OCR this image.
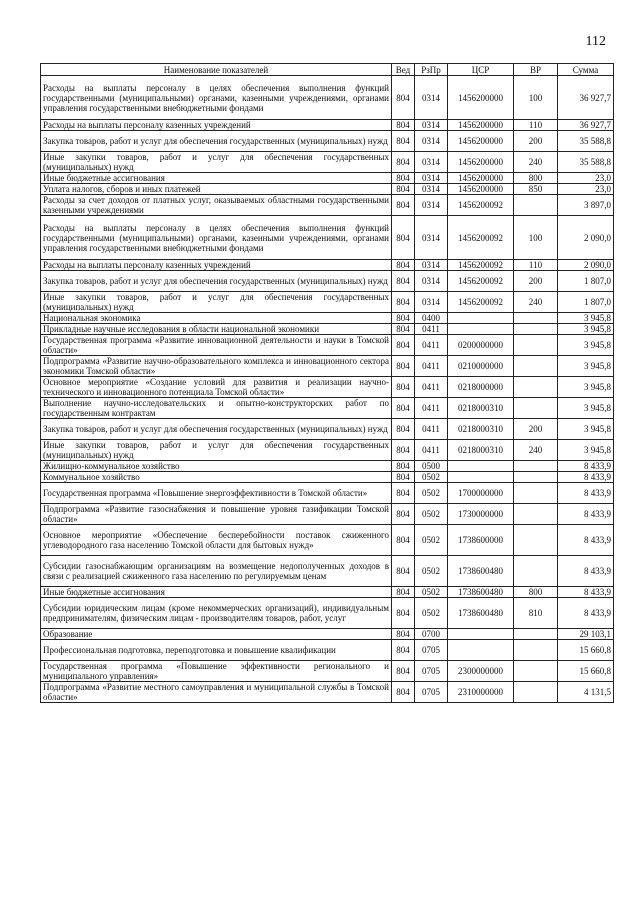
112
Наименование показателей	Вед	РзПр	ЦСР	ВР	Сумма
Расходы на выплаты персоналу в целях обеспечения выполнения функций государственными (муниципальными) органами, казенными учреждениями, органами управления государственными внебюджетными фондами	804	0314	1456200000	100	36 927,7
Расходы на выплаты персоналу казенных учреждений	804	0314	1456200000	110	36 927,7
Закупка товаров, работ и услуг для обеспечения государственных (муниципальных) нужд	804	0314	1456200000	200	35 588,8
Иные закупки товаров, работ и услуг для обеспечения государственных (муниципальных) нужд	804	0314	1456200000	240	35 588,8
Иные бюджетные ассигнования	804	0314	1456200000	800	23,0
Уплата налогов, сборов и иных платежей	804	0314	1456200000	850	23,0
Расходы за счет доходов от платных услуг, оказываемых областными государственными казенными учреждениями	804	0314	1456200092		3 897,0
Расходы на выплаты персоналу в целях обеспечения выполнения функций государственными (муниципальными) органами, казенными учреждениями, органами управления государственными внебюджетными фондами	804	0314	1456200092	100	2 090,0
Расходы на выплаты персоналу казенных учреждений	804	0314	1456200092	110	2 090,0
Закупка товаров, работ и услуг для обеспечения государственных (муниципальных) нужд	804	0314	1456200092	200	1 807,0
Иные закупки товаров, работ и услуг для обеспечения государственных (муниципальных) нужд	804	0314	1456200092	240	1 807,0
Национальная экономика	804	0400			3 945,8
Прикладные научные исследования в области национальной экономики	804	0411			3 945,8
Государственная программа «Развитие инновационной деятельности и науки в Томской области»	804	0411	0200000000		3 945,8
Подпрограмма «Развитие научно-образовательного комплекса и инновационного сектора экономики Томской области»	804	0411	0210000000		3 945,8
Основное мероприятие «Создание условий для развития и реализации научно-технического и инновационного потенциала Томской области»	804	0411	0218000000		3 945,8
Выполнение научно-исследовательских и опытно-конструкторских работ по государственным контрактам	804	0411	0218000310		3 945,8
Закупка товаров, работ и услуг для обеспечения государственных (муниципальных) нужд	804	0411	0218000310	200	3 945,8
Иные закупки товаров, работ и услуг для обеспечения государственных (муниципальных) нужд	804	0411	0218000310	240	3 945,8
Жилищно-коммунальное хозяйство	804	0500			8 433,9
Коммунальное хозяйство	804	0502			8 433,9
Государственная программа «Повышение энергоэффективности в Томской области»	804	0502	1700000000		8 433,9
Подпрограмма «Развитие газоснабжения и повышение уровня газификации Томской области»	804	0502	1730000000		8 433,9
Основное мероприятие «Обеспечение бесперебойности поставок сжиженного углеводородного газа населению Томской области для бытовых нужд»	804	0502	1738600000		8 433,9
Субсидии газоснабжающим организациям на возмещение недополученных доходов в связи с реализацией сжиженного газа населению по регулируемым ценам	804	0502	1738600480		8 433,9
Иные бюджетные ассигнования	804	0502	1738600480	800	8 433,9
Субсидии юридическим лицам (кроме некоммерческих организаций), индивидуальным предпринимателям, физическим лицам - производителям товаров, работ, услуг	804	0502	1738600480	810	8 433,9
Образование	804	0700			29 103,1
Профессиональная подготовка, переподготовка и повышение квалификации	804	0705			15 660,8
Государственная программа «Повышение эффективности регионального и муниципального управления»	804	0705	2300000000		15 660,8
Подпрограмма «Развитие местного самоуправления и муниципальной службы в Томской области»	804	0705	2310000000		4 131,5
